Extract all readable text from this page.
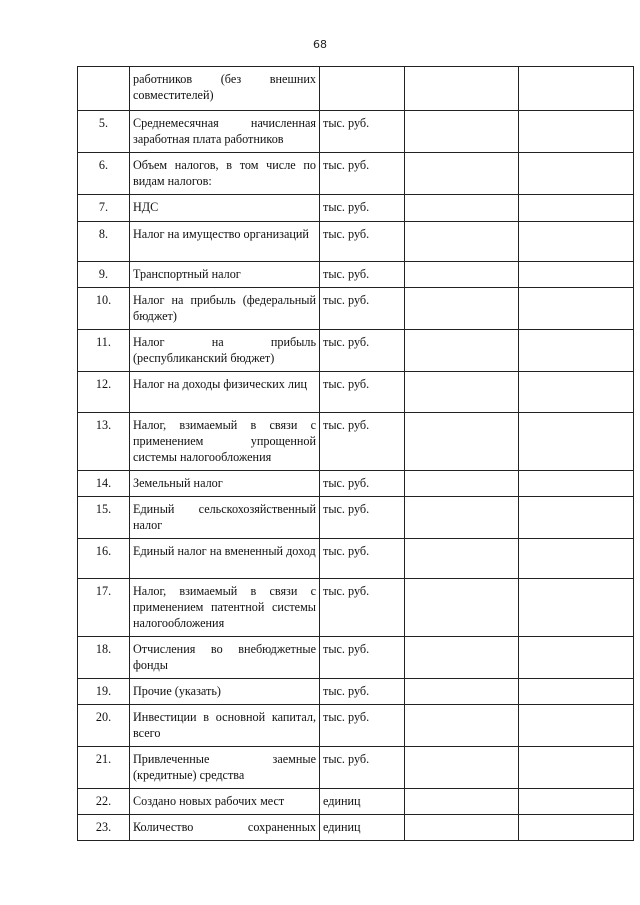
68
	работников (без внешних совместителей)			
5.	Среднемесячная начисленная заработная плата работников	тыс. руб.		
6.	Объем налогов, в том числе по видам налогов:	тыс. руб.		
7.	НДС	тыс. руб.		
8.	Налог на имущество организаций	тыс. руб.		
9.	Транспортный налог	тыс. руб.		
10.	Налог на прибыль (федеральный бюджет)	тыс. руб.		
11.	Налог на прибыль (республиканский бюджет)	тыс. руб.		
12.	Налог на доходы физических лиц	тыс. руб.		
13.	Налог, взимаемый в связи с применением упрощенной системы налогообложения	тыс. руб.		
14.	Земельный налог	тыс. руб.		
15.	Единый сельскохозяйственный налог	тыс. руб.		
16.	Единый налог на вмененный доход	тыс. руб.		
17.	Налог, взимаемый в связи с применением патентной системы налогообложения	тыс. руб.		
18.	Отчисления во внебюджетные фонды	тыс. руб.		
19.	Прочие (указать)	тыс. руб.		
20.	Инвестиции в основной капитал, всего	тыс. руб.		
21.	Привлеченные заемные (кредитные) средства	тыс. руб.		
22.	Создано новых рабочих мест	единиц		
23.	Количество сохраненных	единиц		
